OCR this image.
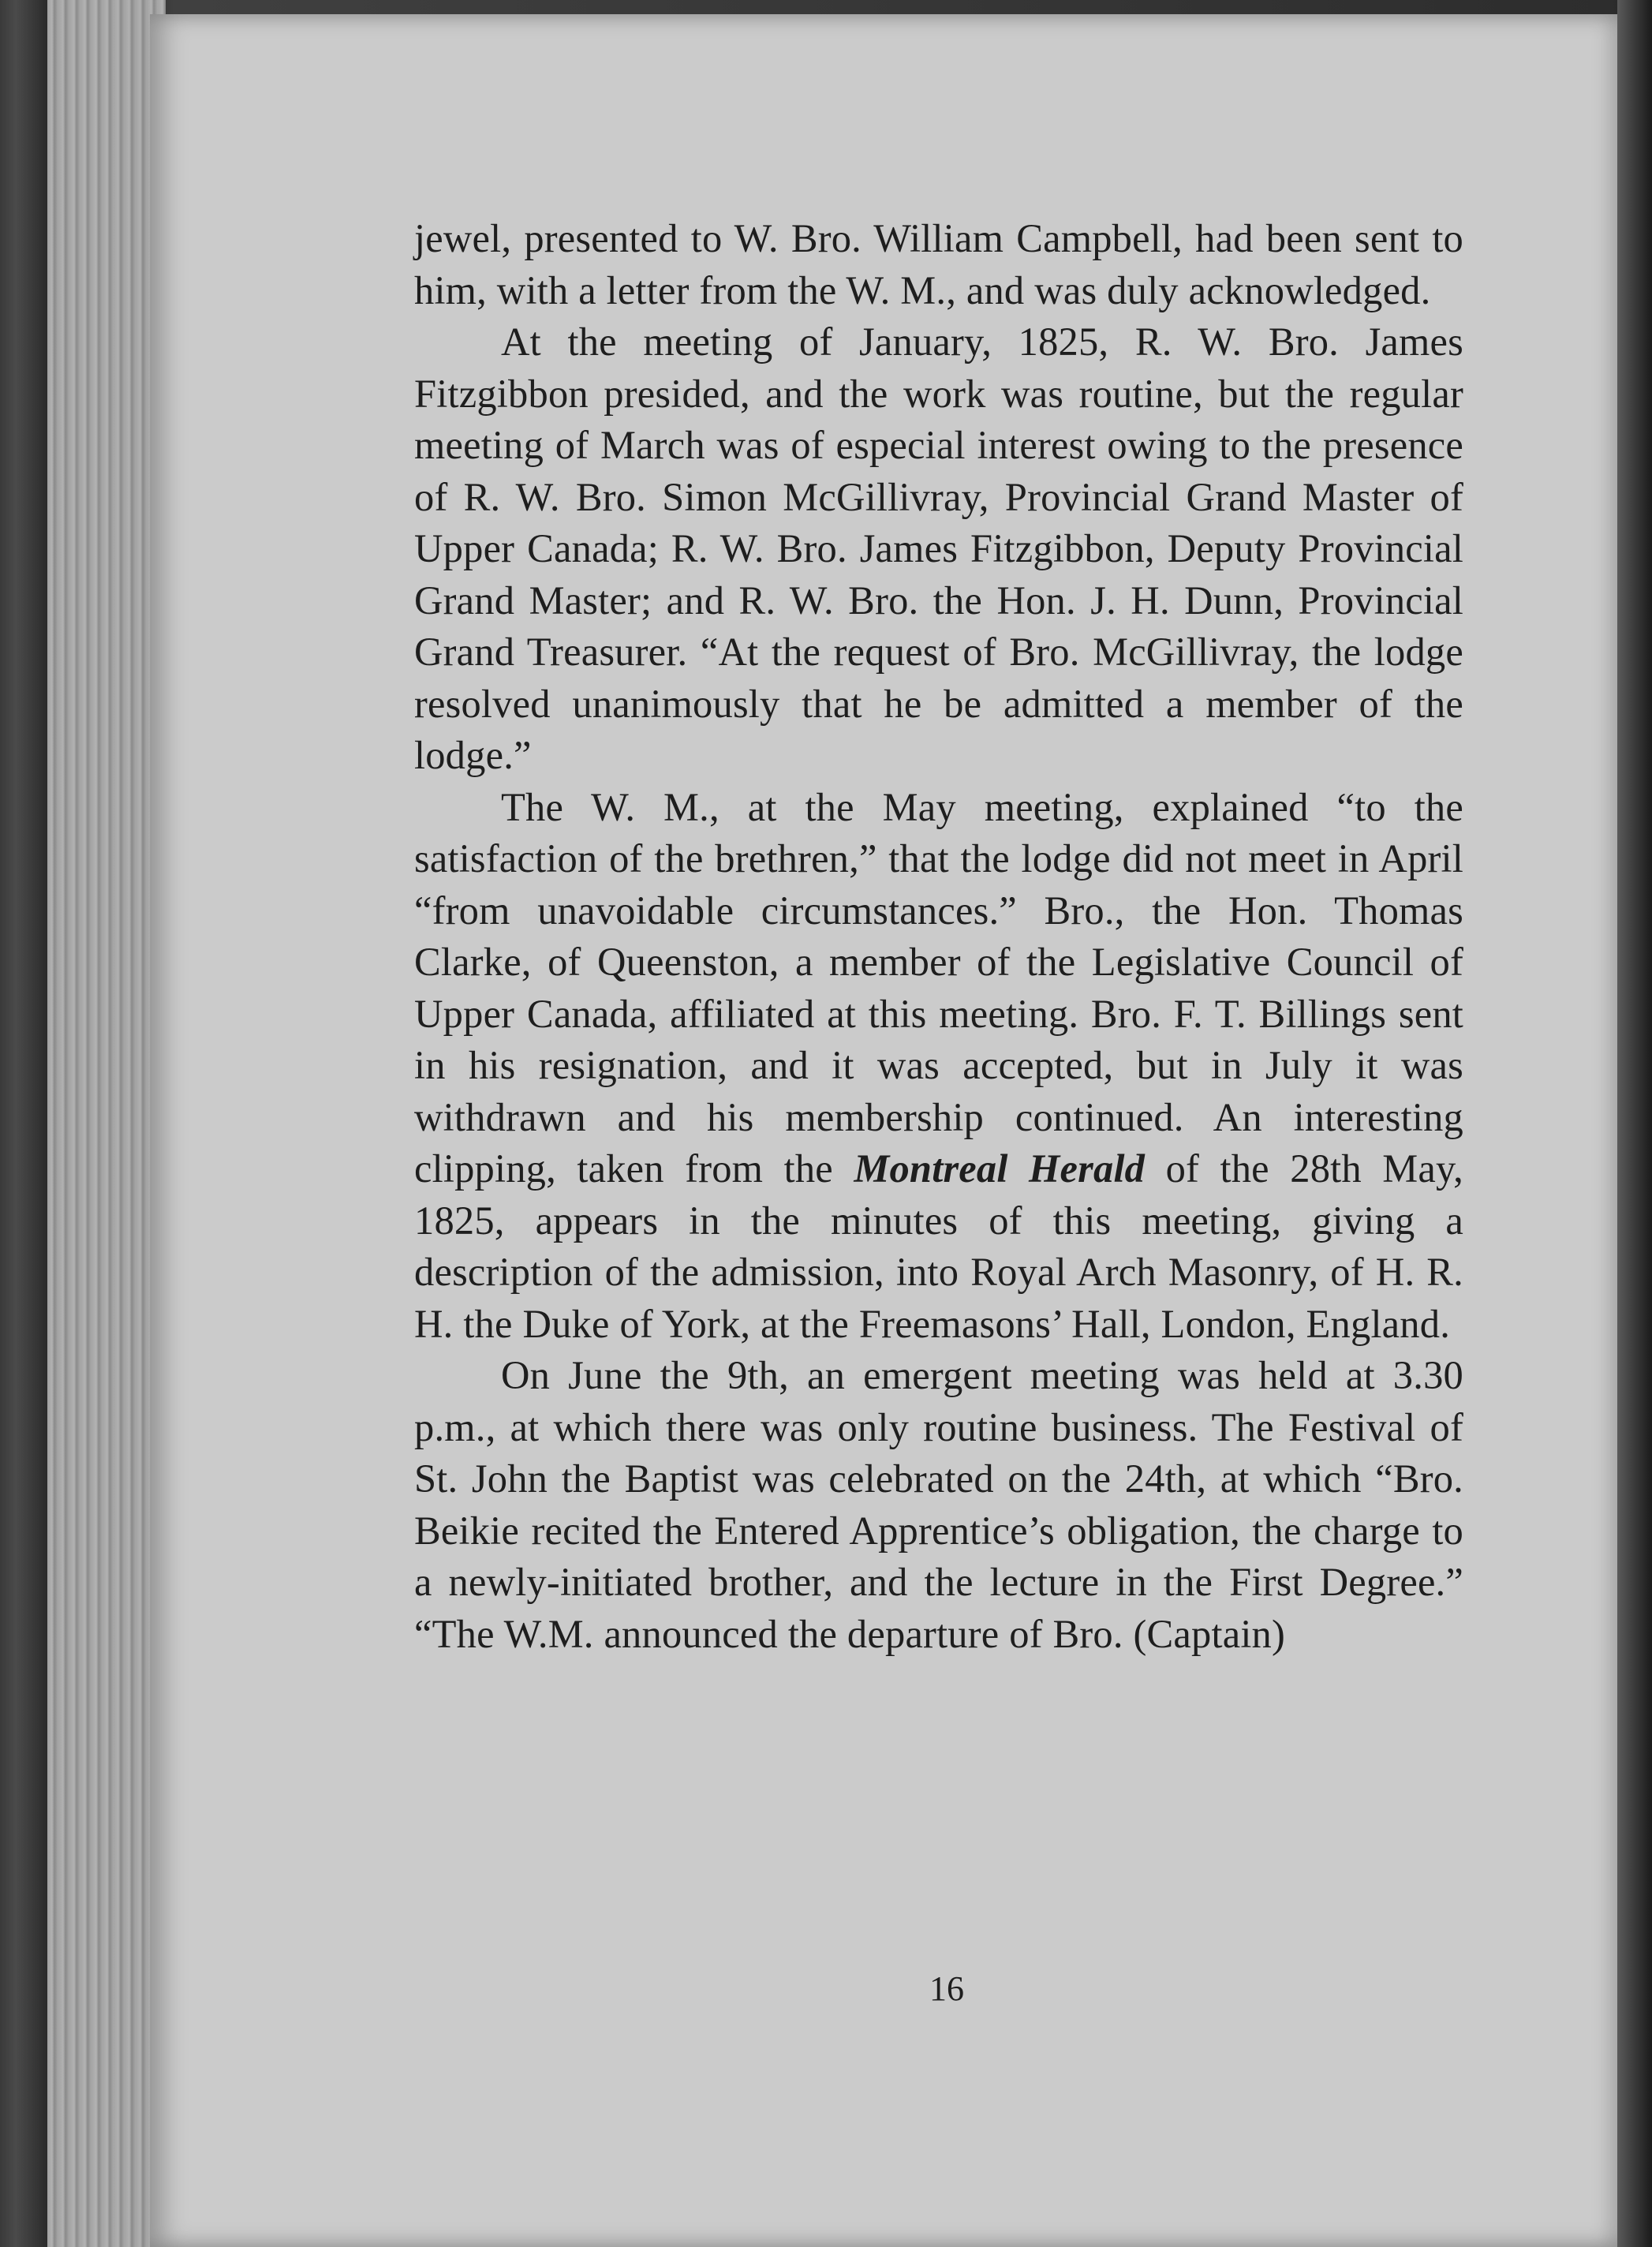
jewel, presented to W. Bro. William Campbell, had been sent to him, with a letter from the W. M., and was duly acknowledged.

At the meeting of January, 1825, R. W. Bro. James Fitzgibbon presided, and the work was routine, but the regular meeting of March was of especial interest owing to the presence of R. W. Bro. Simon McGillivray, Provincial Grand Master of Upper Canada; R. W. Bro. James Fitzgibbon, Deputy Provincial Grand Master; and R. W. Bro. the Hon. J. H. Dunn, Provincial Grand Treasurer. “At the request of Bro. McGillivray, the lodge resolved unanimously that he be admitted a member of the lodge.”

The W. M., at the May meeting, explained “to the satisfaction of the brethren,” that the lodge did not meet in April “from unavoidable circumstances.” Bro., the Hon. Thomas Clarke, of Queenston, a member of the Legislative Council of Upper Canada, affiliated at this meeting. Bro. F. T. Billings sent in his resignation, and it was accepted, but in July it was withdrawn and his membership continued. An interesting clipping, taken from the Montreal Herald of the 28th May, 1825, appears in the minutes of this meeting, giving a description of the admission, into Royal Arch Masonry, of H. R. H. the Duke of York, at the Freemasons’ Hall, London, England.

On June the 9th, an emergent meeting was held at 3.30 p.m., at which there was only routine business. The Festival of St. John the Baptist was celebrated on the 24th, at which “Bro. Beikie recited the Entered Apprentice’s obligation, the charge to a newly-initiated brother, and the lecture in the First Degree.” “The W.M. announced the departure of Bro. (Captain)

16
